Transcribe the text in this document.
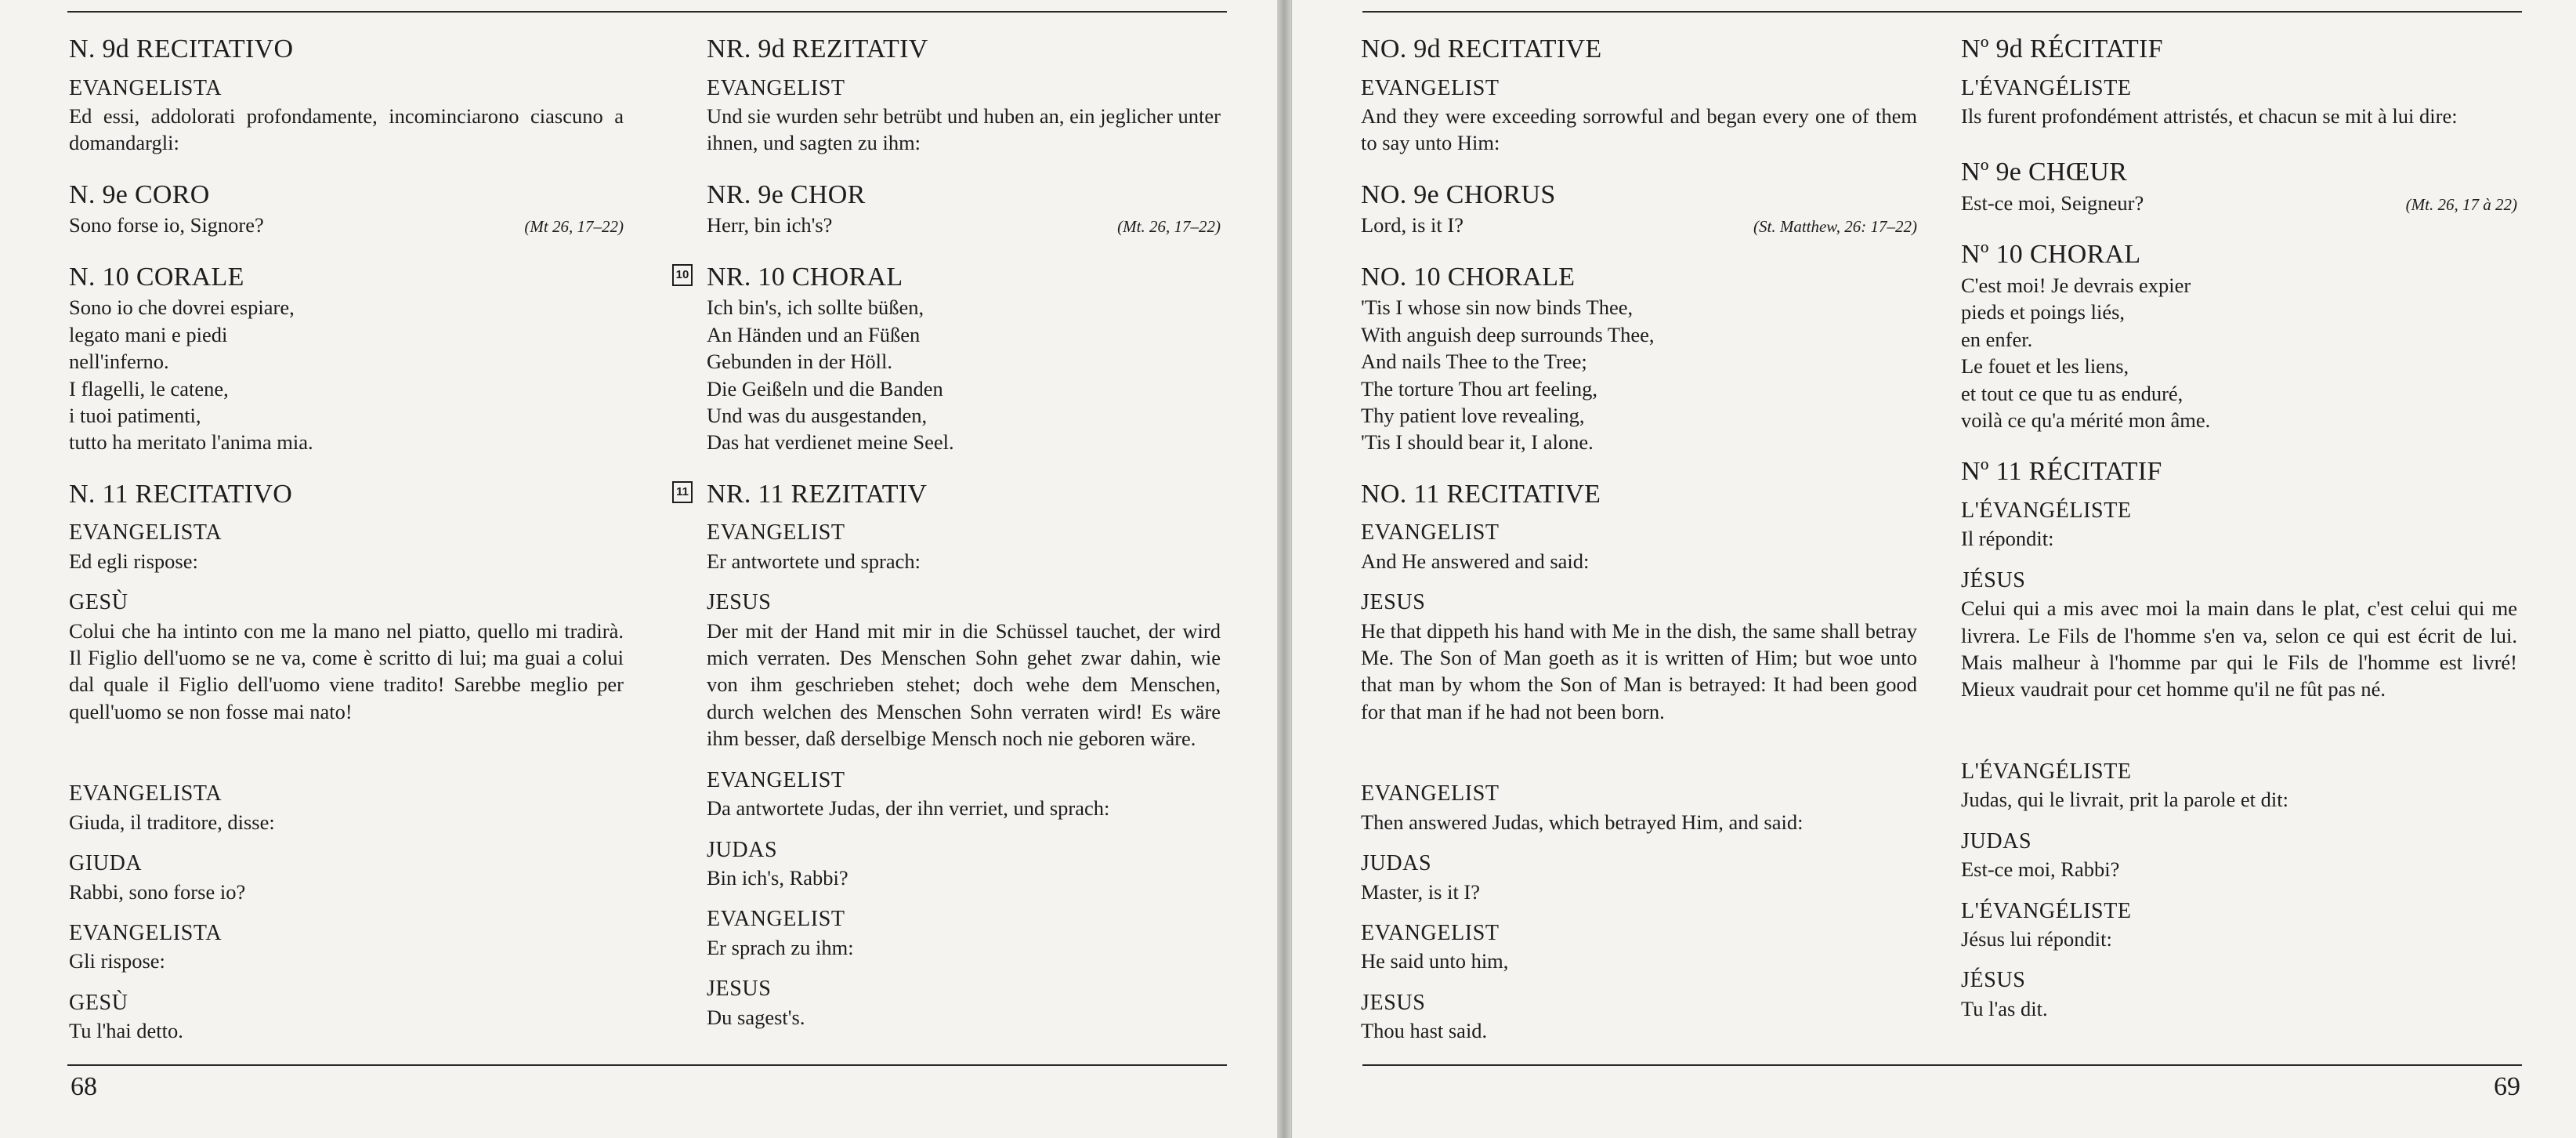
N. 9d RECITATIVO
EVANGELISTA
Ed essi, addolorati profondamente, incominciarono ciascuno a domandargli:
N. 9e CORO
Sono forse io, Signore?	(Mt 26, 17–22)
N. 10 CORALE
Sono io che dovrei espiare,
legato mani e piedi
nell'inferno.
I flagelli, le catene,
i tuoi patimenti,
tutto ha meritato l'anima mia.
N. 11 RECITATIVO
EVANGELISTA
Ed egli rispose:
GESÙ
Colui che ha intinto con me la mano nel piatto, quello mi tradirà. Il Figlio dell'uomo se ne va, come è scritto di lui; ma guai a colui dal quale il Figlio dell'uomo viene tradito! Sarebbe meglio per quell'uomo se non fosse mai nato!
EVANGELISTA
Giuda, il traditore, disse:
GIUDA
Rabbi, sono forse io?
EVANGELISTA
Gli rispose:
GESÙ
Tu l'hai detto.
NR. 9d REZITATIV
EVANGELIST
Und sie wurden sehr betrübt und huben an, ein jeglicher unter ihnen, und sagten zu ihm:
NR. 9e CHOR
Herr, bin ich's?	(Mt. 26, 17–22)
10 NR. 10 CHORAL
Ich bin's, ich sollte büßen,
An Händen und an Füßen
Gebunden in der Höll.
Die Geißeln und die Banden
Und was du ausgestanden,
Das hat verdienet meine Seel.
11 NR. 11 REZITATIV
EVANGELIST
Er antwortete und sprach:
JESUS
Der mit der Hand mit mir in die Schüssel tauchet, der wird mich verraten. Des Menschen Sohn gehet zwar dahin, wie von ihm geschrieben stehet; doch wehe dem Menschen, durch welchen des Menschen Sohn verraten wird! Es wäre ihm besser, daß derselbige Mensch noch nie geboren wäre.
EVANGELIST
Da antwortete Judas, der ihn verriet, und sprach:
JUDAS
Bin ich's, Rabbi?
EVANGELIST
Er sprach zu ihm:
JESUS
Du sagest's.
68
NO. 9d RECITATIVE
EVANGELIST
And they were exceeding sorrowful and began every one of them to say unto Him:
NO. 9e CHORUS
Lord, is it I?	(St. Matthew, 26: 17–22)
NO. 10 CHORALE
'Tis I whose sin now binds Thee,
With anguish deep surrounds Thee,
And nails Thee to the Tree;
The torture Thou art feeling,
Thy patient love revealing,
'Tis I should bear it, I alone.
NO. 11 RECITATIVE
EVANGELIST
And He answered and said:
JESUS
He that dippeth his hand with Me in the dish, the same shall betray Me. The Son of Man goeth as it is written of Him; but woe unto that man by whom the Son of Man is betrayed: It had been good for that man if he had not been born.
EVANGELIST
Then answered Judas, which betrayed Him, and said:
JUDAS
Master, is it I?
EVANGELIST
He said unto him,
JESUS
Thou hast said.
Nº 9d RÉCITATIF
L'ÉVANGÉLISTE
Ils furent profondément attristés, et chacun se mit à lui dire:
Nº 9e CHŒUR
Est-ce moi, Seigneur?	(Mt. 26, 17 à 22)
Nº 10 CHORAL
C'est moi! Je devrais expier
pieds et poings liés,
en enfer.
Le fouet et les liens,
et tout ce que tu as enduré,
voilà ce qu'a mérité mon âme.
Nº 11 RÉCITATIF
L'ÉVANGÉLISTE
Il répondit:
JÉSUS
Celui qui a mis avec moi la main dans le plat, c'est celui qui me livrera. Le Fils de l'homme s'en va, selon ce qui est écrit de lui. Mais malheur à l'homme par qui le Fils de l'homme est livré! Mieux vaudrait pour cet homme qu'il ne fût pas né.
L'ÉVANGÉLISTE
Judas, qui le livrait, prit la parole et dit:
JUDAS
Est-ce moi, Rabbi?
L'ÉVANGÉLISTE
Jésus lui répondit:
JÉSUS
Tu l'as dit.
69
